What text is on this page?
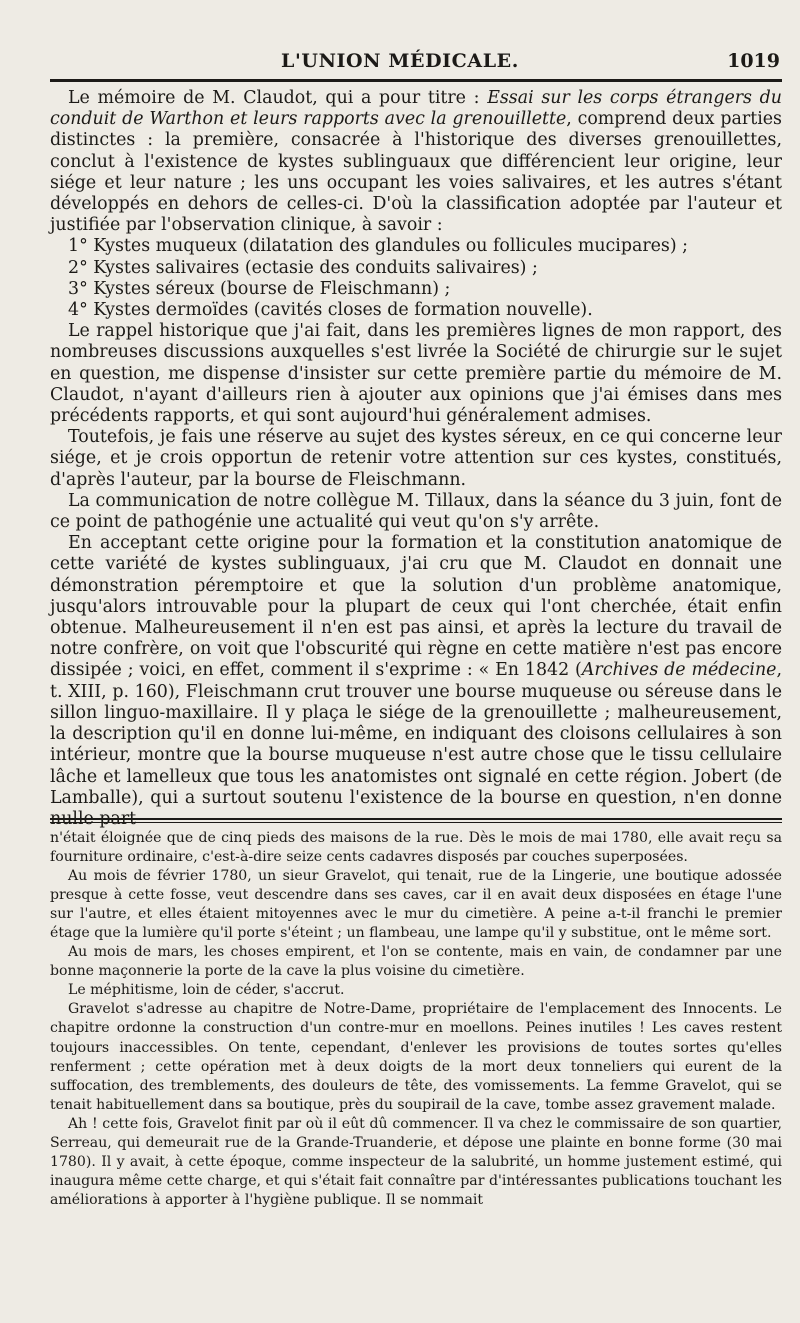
L'UNION MÉDICALE.	1019

Le mémoire de M. Claudot, qui a pour titre : Essai sur les corps étrangers du conduit de Warthon et leurs rapports avec la grenouillette, comprend deux parties distinctes : la première, consacrée à l'historique des diverses grenouillettes, conclut à l'existence de kystes sublinguaux que différencient leur origine, leur siége et leur nature ; les uns occupant les voies salivaires, et les autres s'étant développés en dehors de celles-ci. D'où la classification adoptée par l'auteur et justifiée par l'observation clinique, à savoir :

1° Kystes muqueux (dilatation des glandules ou follicules mucipares) ;

2° Kystes salivaires (ectasie des conduits salivaires) ;

3° Kystes séreux (bourse de Fleischmann) ;

4° Kystes dermoïdes (cavités closes de formation nouvelle).

Le rappel historique que j'ai fait, dans les premières lignes de mon rapport, des nombreuses discussions auxquelles s'est livrée la Société de chirurgie sur le sujet en question, me dispense d'insister sur cette première partie du mémoire de M. Claudot, n'ayant d'ailleurs rien à ajouter aux opinions que j'ai émises dans mes précédents rapports, et qui sont aujourd'hui généralement admises.

Toutefois, je fais une réserve au sujet des kystes séreux, en ce qui concerne leur siége, et je crois opportun de retenir votre attention sur ces kystes, constitués, d'après l'auteur, par la bourse de Fleischmann.

La communication de notre collègue M. Tillaux, dans la séance du 3 juin, font de ce point de pathogénie une actualité qui veut qu'on s'y arrête.

En acceptant cette origine pour la formation et la constitution anatomique de cette variété de kystes sublinguaux, j'ai cru que M. Claudot en donnait une démonstration péremptoire et que la solution d'un problème anatomique, jusqu'alors introuvable pour la plupart de ceux qui l'ont cherchée, était enfin obtenue. Malheureusement il n'en est pas ainsi, et après la lecture du travail de notre confrère, on voit que l'obscurité qui règne en cette matière n'est pas encore dissipée ; voici, en effet, comment il s'exprime : « En 1842 (Archives de médecine, t. XIII, p. 160), Fleischmann crut trouver une bourse muqueuse ou séreuse dans le sillon linguo-maxillaire. Il y plaça le siége de la grenouillette ; malheureusement, la description qu'il en donne lui-même, en indiquant des cloisons cellulaires à son intérieur, montre que la bourse muqueuse n'est autre chose que le tissu cellulaire lâche et lamelleux que tous les anatomistes ont signalé en cette région. Jobert (de Lamballe), qui a surtout soutenu l'existence de la bourse en question, n'en donne nulle part

n'était éloignée que de cinq pieds des maisons de la rue. Dès le mois de mai 1780, elle avait reçu sa fourniture ordinaire, c'est-à-dire seize cents cadavres disposés par couches superposées.

Au mois de février 1780, un sieur Gravelot, qui tenait, rue de la Lingerie, une boutique adossée presque à cette fosse, veut descendre dans ses caves, car il en avait deux disposées en étage l'une sur l'autre, et elles étaient mitoyennes avec le mur du cimetière. A peine a-t-il franchi le premier étage que la lumière qu'il porte s'éteint ; un flambeau, une lampe qu'il y substitue, ont le même sort.

Au mois de mars, les choses empirent, et l'on se contente, mais en vain, de condamner par une bonne maçonnerie la porte de la cave la plus voisine du cimetière.

Le méphitisme, loin de céder, s'accrut.

Gravelot s'adresse au chapitre de Notre-Dame, propriétaire de l'emplacement des Innocents. Le chapitre ordonne la construction d'un contre-mur en moellons. Peines inutiles ! Les caves restent toujours inaccessibles. On tente, cependant, d'enlever les provisions de toutes sortes qu'elles renferment ; cette opération met à deux doigts de la mort deux tonneliers qui eurent de la suffocation, des tremblements, des douleurs de tête, des vomissements. La femme Gravelot, qui se tenait habituellement dans sa boutique, près du soupirail de la cave, tombe assez gravement malade.

Ah ! cette fois, Gravelot finit par où il eût dû commencer. Il va chez le commissaire de son quartier, Serreau, qui demeurait rue de la Grande-Truanderie, et dépose une plainte en bonne forme (30 mai 1780). Il y avait, à cette époque, comme inspecteur de la salubrité, un homme justement estimé, qui inaugura même cette charge, et qui s'était fait connaître par d'intéressantes publications touchant les améliorations à apporter à l'hygiène publique. Il se nommait
